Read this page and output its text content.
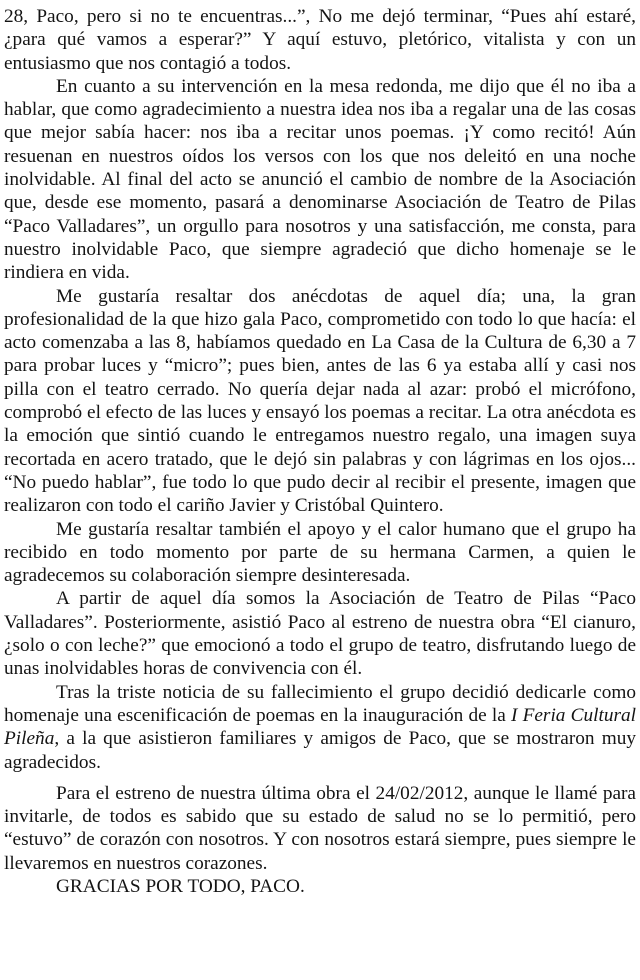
28, Paco, pero si no te encuentras...”, No me dejó terminar, “Pues ahí estaré, ¿para qué vamos a esperar?” Y aquí estuvo, pletórico, vitalista y con un entusiasmo que nos contagió a todos.

En cuanto a su intervención en la mesa redonda, me dijo que él no iba a hablar, que como agradecimiento a nuestra idea nos iba a regalar una de las cosas que mejor sabía hacer: nos iba a recitar unos poemas. ¡Y como recitó! Aún resuenan en nuestros oídos los versos con los que nos deleitó en una noche inolvidable. Al final del acto se anunció el cambio de nombre de la Asociación que, desde ese momento, pasará a denominarse Asociación de Teatro de Pilas “Paco Valladares”, un orgullo para nosotros y una satisfacción, me consta, para nuestro inolvidable Paco, que siempre agradeció que dicho homenaje se le rindiera en vida.

Me gustaría resaltar dos anécdotas de aquel día; una, la gran profesionalidad de la que hizo gala Paco, comprometido con todo lo que hacía: el acto comenzaba a las 8, habíamos quedado en La Casa de la Cultura de 6,30 a 7 para probar luces y “micro”; pues bien, antes de las 6 ya estaba allí y casi nos pilla con el teatro cerrado. No quería dejar nada al azar: probó el micrófono, comprobó el efecto de las luces y ensayó los poemas a recitar. La otra anécdota es la emoción que sintió cuando le entregamos nuestro regalo, una imagen suya recortada en acero tratado, que le dejó sin palabras y con lágrimas en los ojos... “No puedo hablar”, fue todo lo que pudo decir al recibir el presente, imagen que realizaron con todo el cariño Javier y Cristóbal Quintero.

Me gustaría resaltar también el apoyo y el calor humano que el grupo ha recibido en todo momento por parte de su hermana Carmen, a quien le agradecemos su colaboración siempre desinteresada.

A partir de aquel día somos la Asociación de Teatro de Pilas “Paco Valladares”. Posteriormente, asistió Paco al estreno de nuestra obra “El cianuro, ¿solo o con leche?” que emocionó a todo el grupo de teatro, disfrutando luego de unas inolvidables horas de convivencia con él.

Tras la triste noticia de su fallecimiento el grupo decidió dedicarle como homenaje una escenificación de poemas en la inauguración de la I Feria Cultural Pileña, a la que asistieron familiares y amigos de Paco, que se mostraron muy agradecidos.

Para el estreno de nuestra última obra el 24/02/2012, aunque le llamé para invitarle, de todos es sabido que su estado de salud no se lo permitió, pero “estuvo” de corazón con nosotros. Y con nosotros estará siempre, pues siempre le llevaremos en nuestros corazones.

GRACIAS POR TODO, PACO.
